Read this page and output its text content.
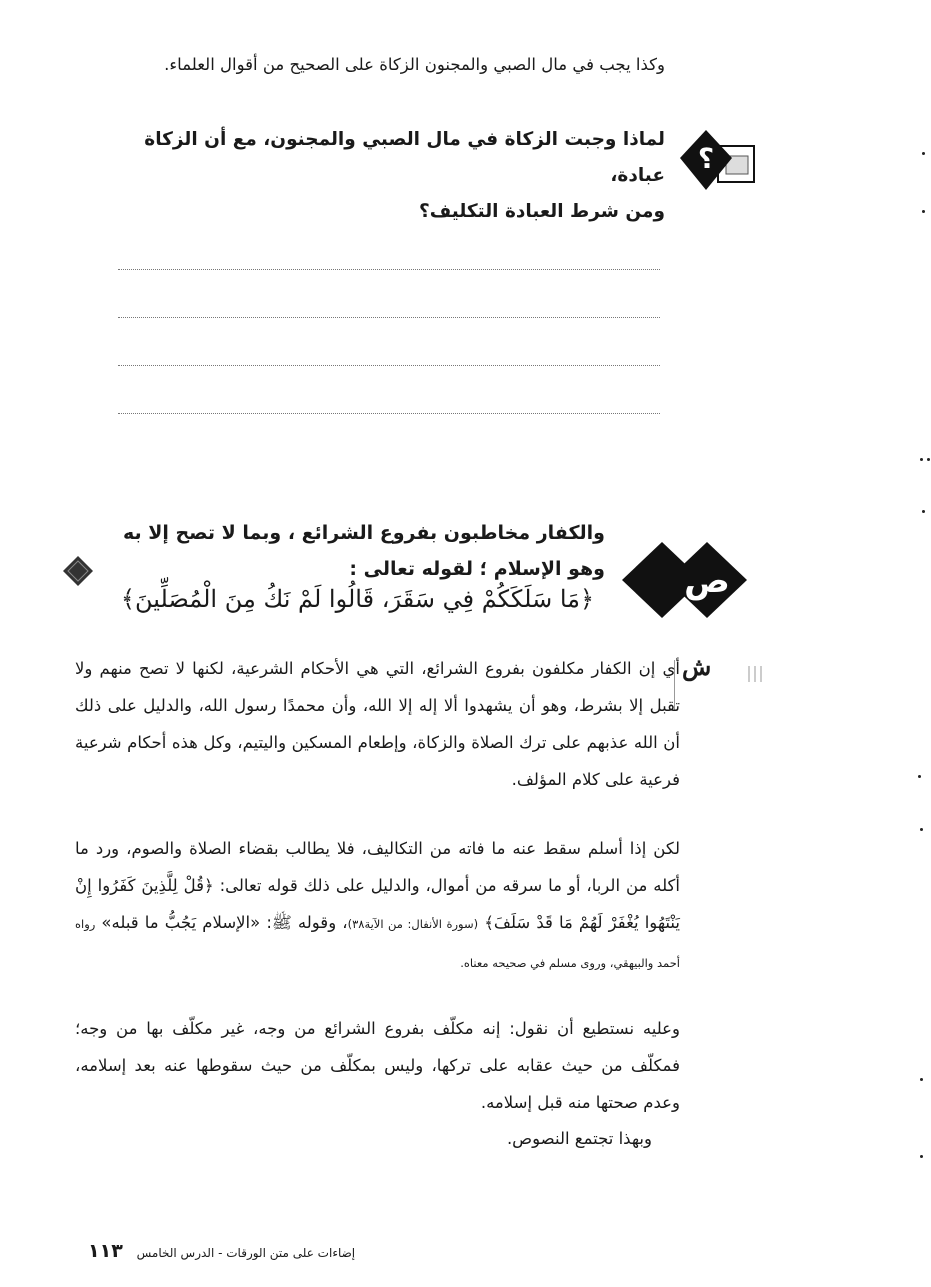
وكذا يجب في مال الصبي والمجنون الزكاة على الصحيح من أقوال العلماء.
؟
لماذا وجبت الزكاة في مال الصبي والمجنون، مع أن الزكاة عبادة،
ومن شرط العبادة التكليف؟
ص
والكفار مخاطبون بفروع الشرائع ، وبما لا تصح إلا به
وهو الإسلام ؛ لقوله تعالى :
﴿مَا سَلَكَكُمْ فِي سَقَرَ، قَالُوا لَمْ نَكُ مِنَ الْمُصَلِّينَ﴾
ش
أي إن الكفار مكلفون بفروع الشرائع، التي هي الأحكام الشرعية، لكنها لا تصح منهم ولا تقبل إلا بشرط، وهو أن يشهدوا ألا إله إلا الله، وأن محمدًا رسول الله، والدليل على ذلك أن الله عذبهم على ترك الصلاة والزكاة، وإطعام المسكين واليتيم، وكل هذه أحكام شرعية فرعية على كلام المؤلف.
لكن إذا أسلم سقط عنه ما فاته من التكاليف، فلا يطالب بقضاء الصلاة والصوم، ورد ما أكله من الربا، أو ما سرقه من أموال، والدليل على ذلك قوله تعالى: ﴿قُلْ لِلَّذِينَ كَفَرُوا إِنْ يَنْتَهُوا يُغْفَرْ لَهُمْ مَا قَدْ سَلَفَ﴾ (سورة الأنفال: من الآية٣٨)، وقوله ﷺ: «الإسلام يَجُبُّ ما قبله» رواه أحمد والبيهقي، وروى مسلم في صحيحه معناه.
وعليه نستطيع أن نقول: إنه مكلّف بفروع الشرائع من وجه، غير مكلّف بها من وجه؛ فمكلّف من حيث عقابه على تركها، وليس بمكلّف من حيث سقوطها عنه بعد إسلامه، وعدم صحتها منه قبل إسلامه.
وبهذا تجتمع النصوص.
إضاءات على متن الورقات - الدرس الخامس ١١٣
